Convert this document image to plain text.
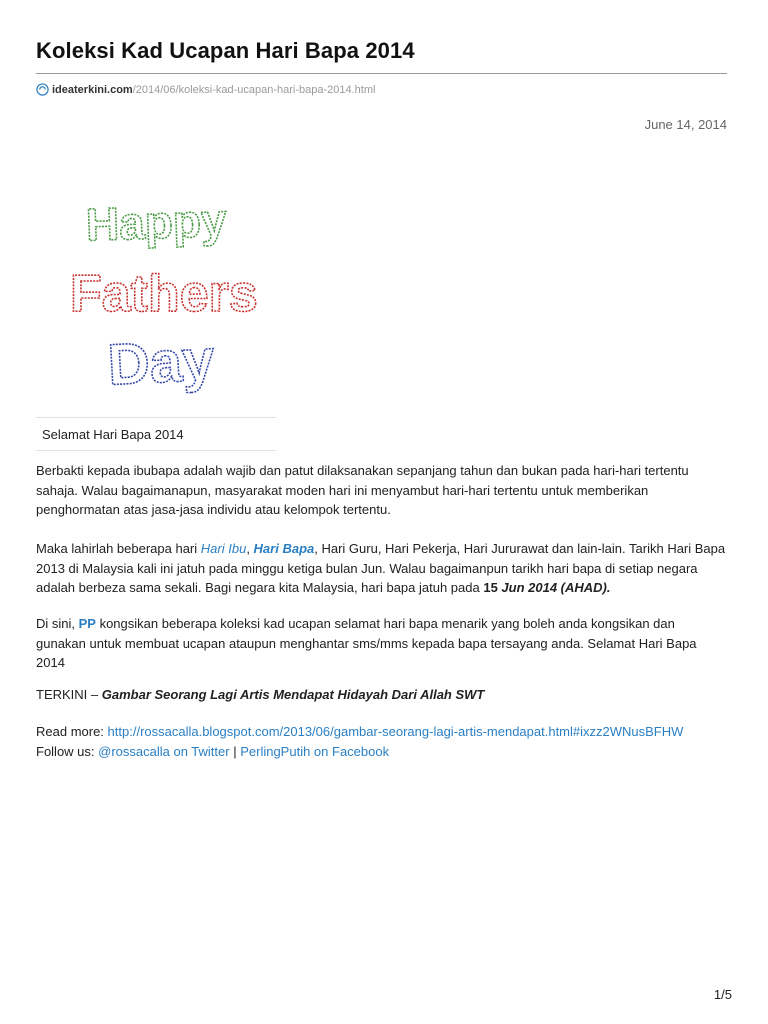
Koleksi Kad Ucapan Hari Bapa 2014
ideaterkini.com /2014/06/koleksi-kad-ucapan-hari-bapa-2014.html
June 14, 2014
Happy
Fathers
Day
Selamat Hari Bapa 2014

Berbakti kepada ibubapa adalah wajib dan patut dilaksanakan sepanjang tahun dan bukan pada hari-hari tertentu sahaja. Walau bagaimanapun, masyarakat moden hari ini menyambut hari-hari tertentu untuk memberikan penghormatan atas jasa-jasa individu atau kelompok tertentu.

Maka lahirlah beberapa hari Hari Ibu, Hari Bapa, Hari Guru, Hari Pekerja, Hari Jururawat dan lain-lain. Tarikh Hari Bapa 2013 di Malaysia kali ini jatuh pada minggu ketiga bulan Jun. Walau bagaimanpun tarikh hari bapa di setiap negara adalah berbeza sama sekali. Bagi negara kita Malaysia, hari bapa jatuh pada 15 Jun 2014 (AHAD).

Di sini, PP kongsikan beberapa koleksi kad ucapan selamat hari bapa menarik yang boleh anda kongsikan dan gunakan untuk membuat ucapan ataupun menghantar sms/mms kepada bapa tersayang anda. Selamat Hari Bapa 2014

TERKINI – Gambar Seorang Lagi Artis Mendapat Hidayah Dari Allah SWT

Read more: http://rossacalla.blogspot.com/2013/06/gambar-seorang-lagi-artis-mendapat.html#ixzz2WNusBFHW
Follow us: @rossacalla on Twitter | PerlingPutih on Facebook

1/5
